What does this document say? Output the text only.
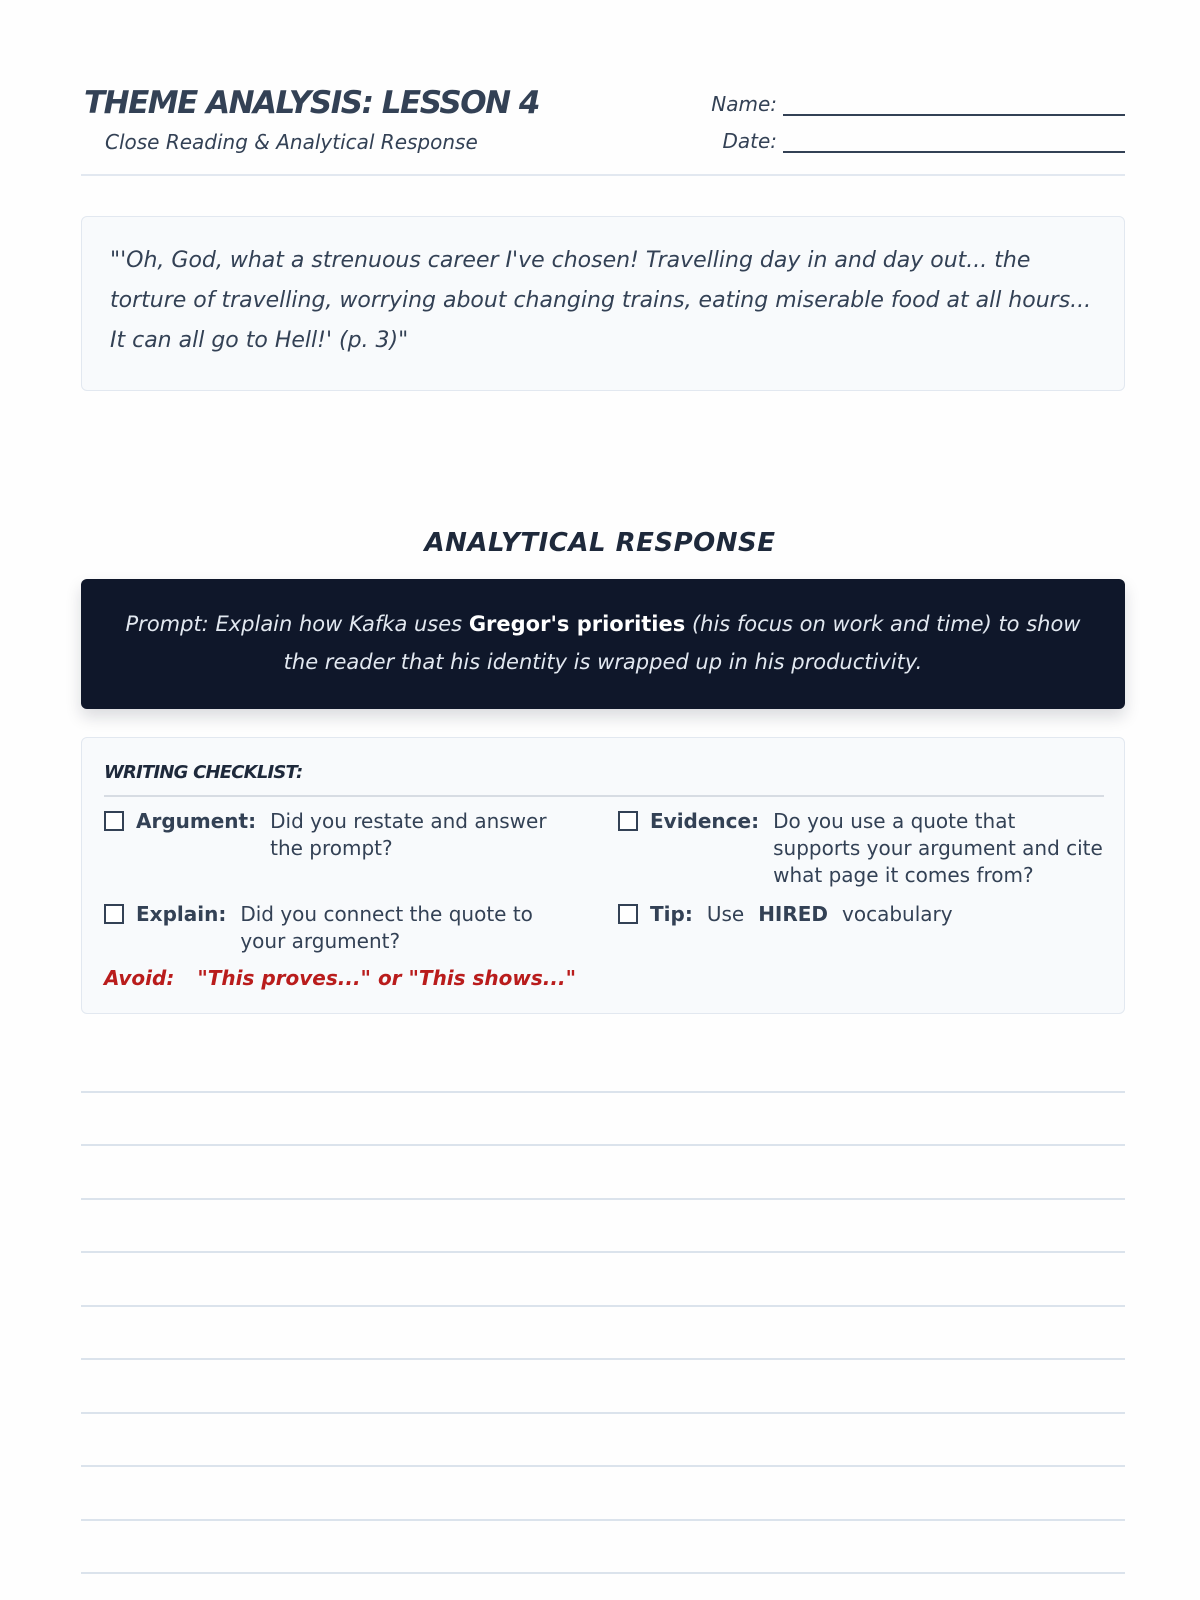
THEME ANALYSIS: LESSON 4
Close Reading & Analytical Response
Name:
Date:
"'Oh, God, what a strenuous career I've chosen! Travelling day in and day out... the torture of travelling, worrying about changing trains, eating miserable food at all hours... It can all go to Hell!' (p. 3)"
ANALYTICAL RESPONSE
Prompt: Explain how Kafka uses Gregor's priorities (his focus on work and time) to show the reader that his identity is wrapped up in his productivity.
WRITING CHECKLIST:
Argument: Did you restate and answer the prompt?
Evidence: Do you use a quote that supports your argument and cite what page it comes from?
Explain: Did you connect the quote to your argument?
Tip: Use HIRED vocabulary
Avoid: "This proves..." or "This shows..."
